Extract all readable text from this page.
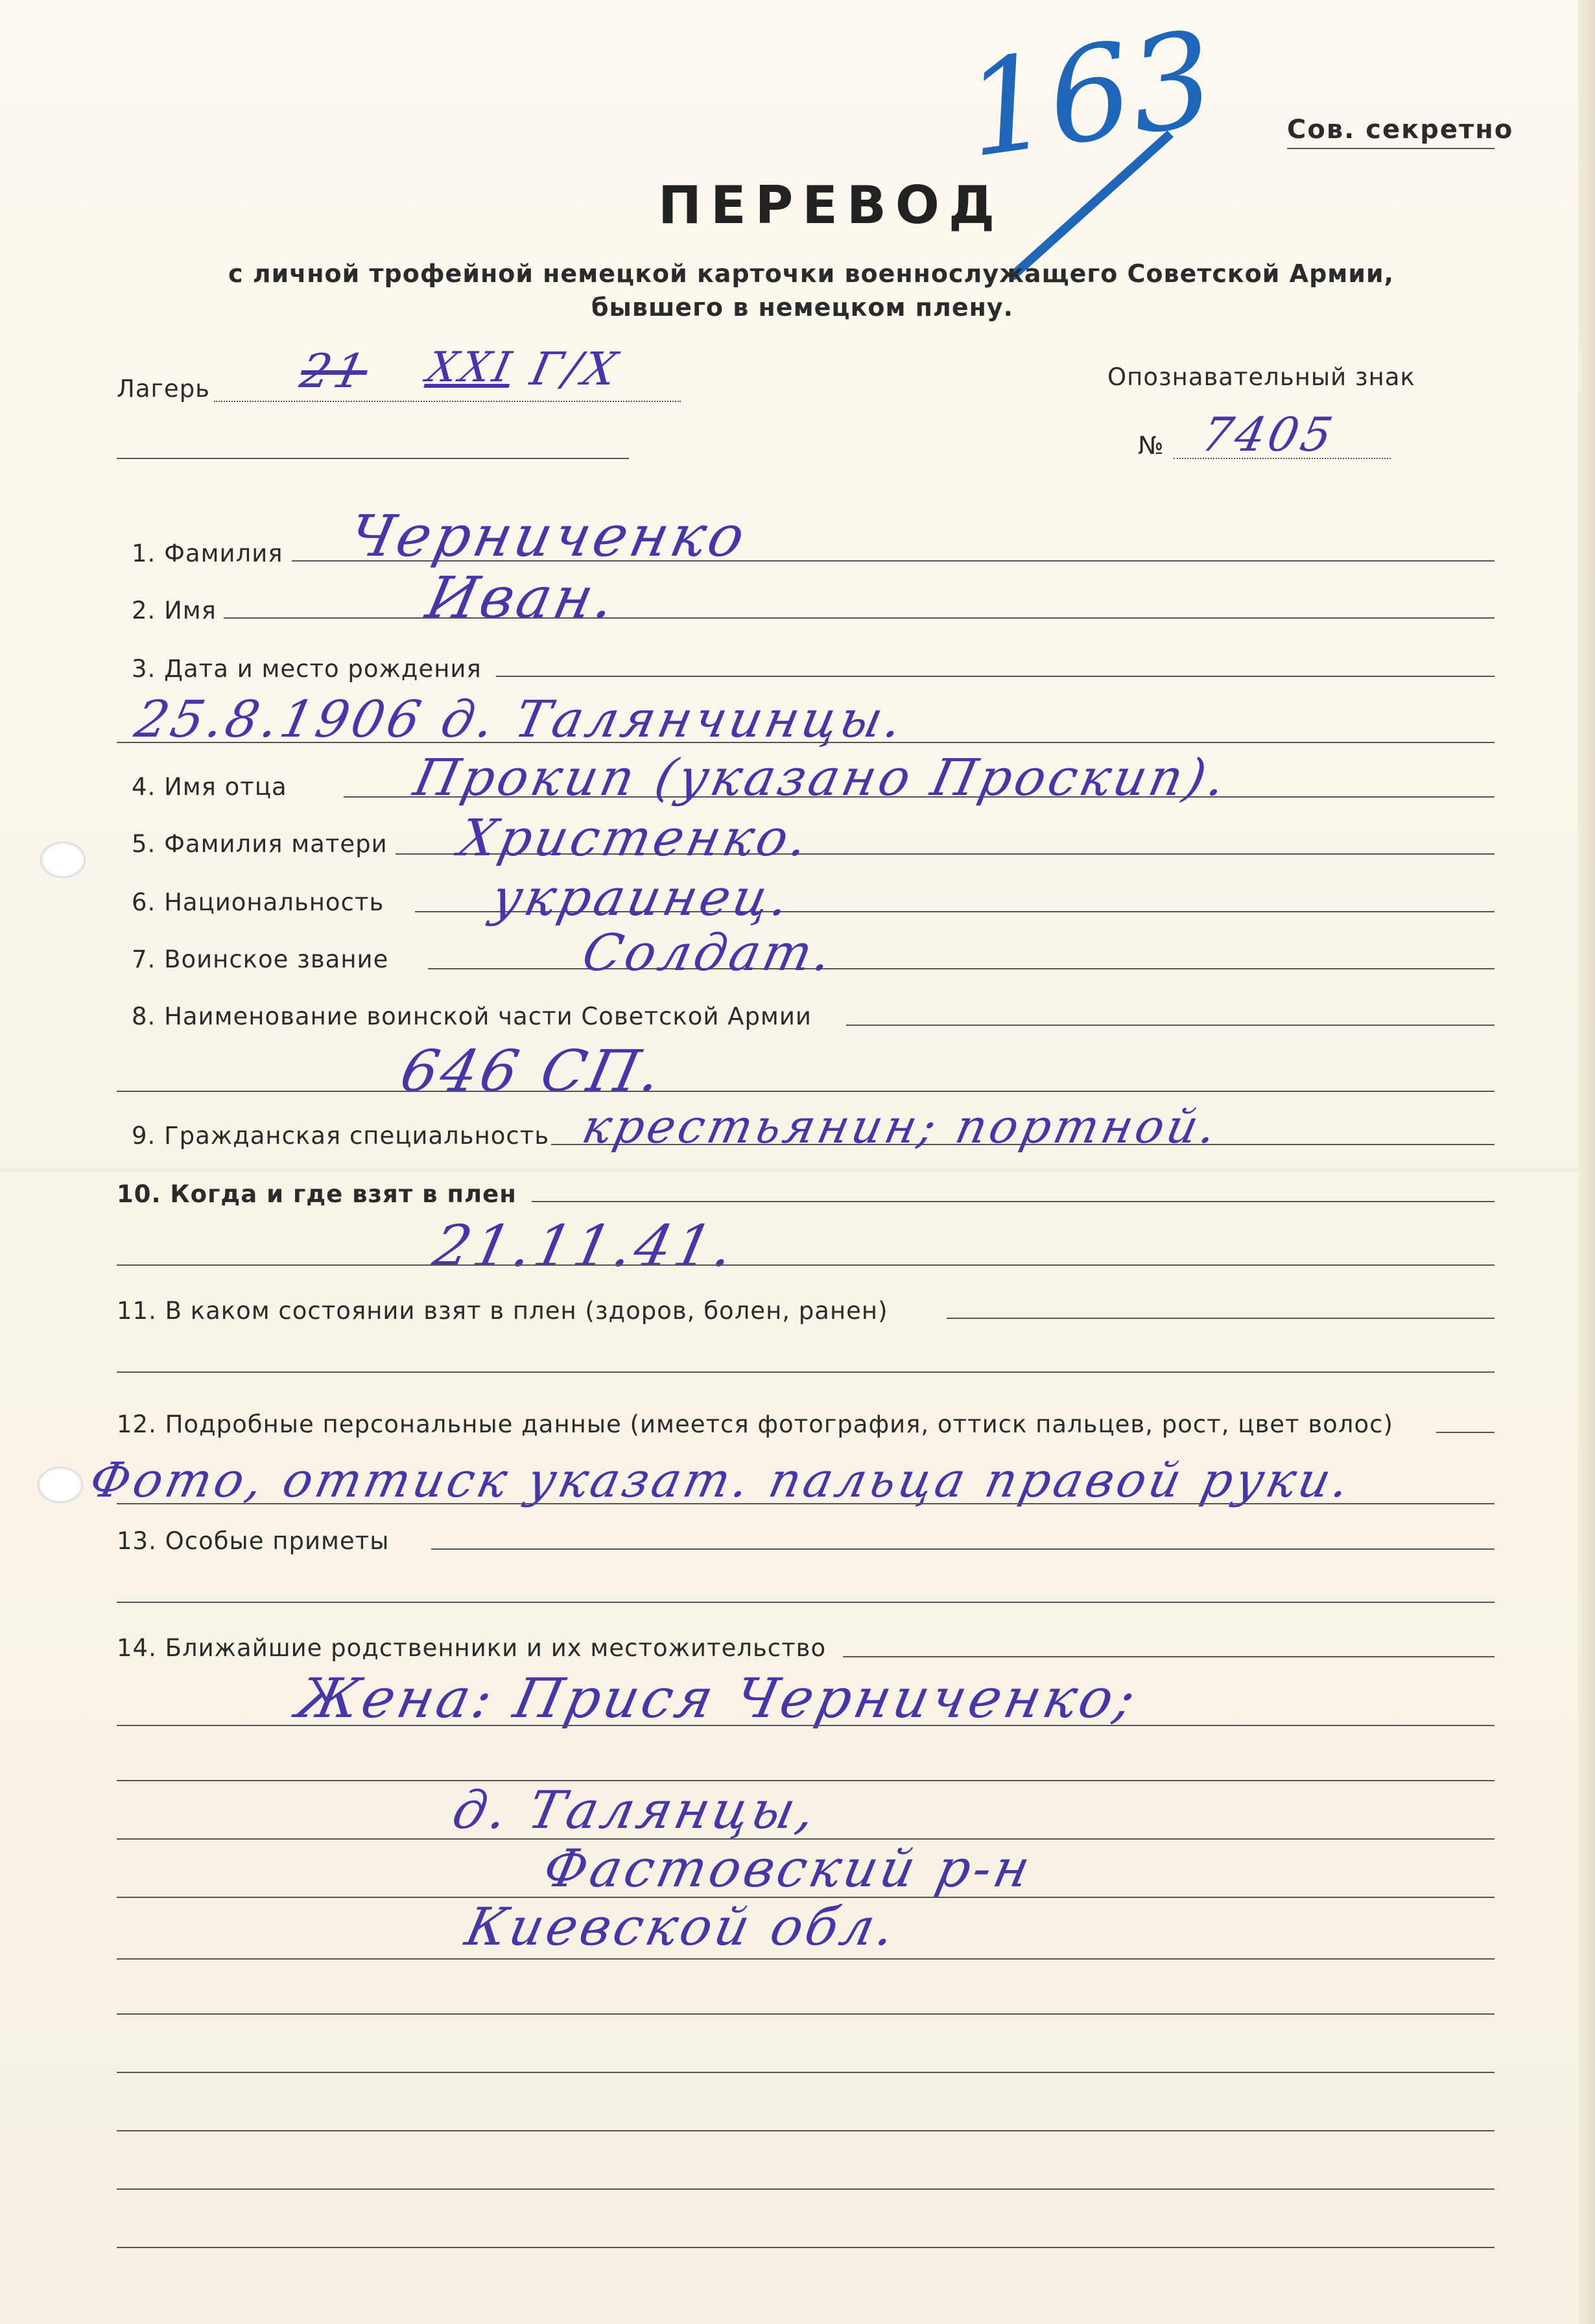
163 Сов. секретно
ПЕРЕВОД
с личной трофейной немецкой карточки военнослужащего Советской Армии,
бывшего в немецком плену.
Лагерь 21 XXI Г/X	Опознавательный знак
№ 7405
1. Фамилия Черниченко
2. Имя	Иван.
3. Дата и место рождения
25.8.1906 д. Талянчинцы.
4. Имя отца Прокип (указано Проскип).
5. Фамилия матери Христенко.
6. Национальность украинец.
7. Воинское звание	Солдат.
8. Наименование воинской части Советской Армии
646 СП.
9. Гражданская специальность крестьянин; портной.
10. Когда и где взят в плен
21.11.41.
11. В каком состоянии взят в плен (здоров, болен, ранен)
12. Подробные персональные данные (имеется фотография, оттиск пальцев, рост, цвет волос)
Фото, оттиск указат. пальца правой руки.
13. Особые приметы
14. Ближайшие родственники и их местожительство
Жена: Прися Черниченко;
д. Талянцы,
Фастовский р-н
Киевской обл.
